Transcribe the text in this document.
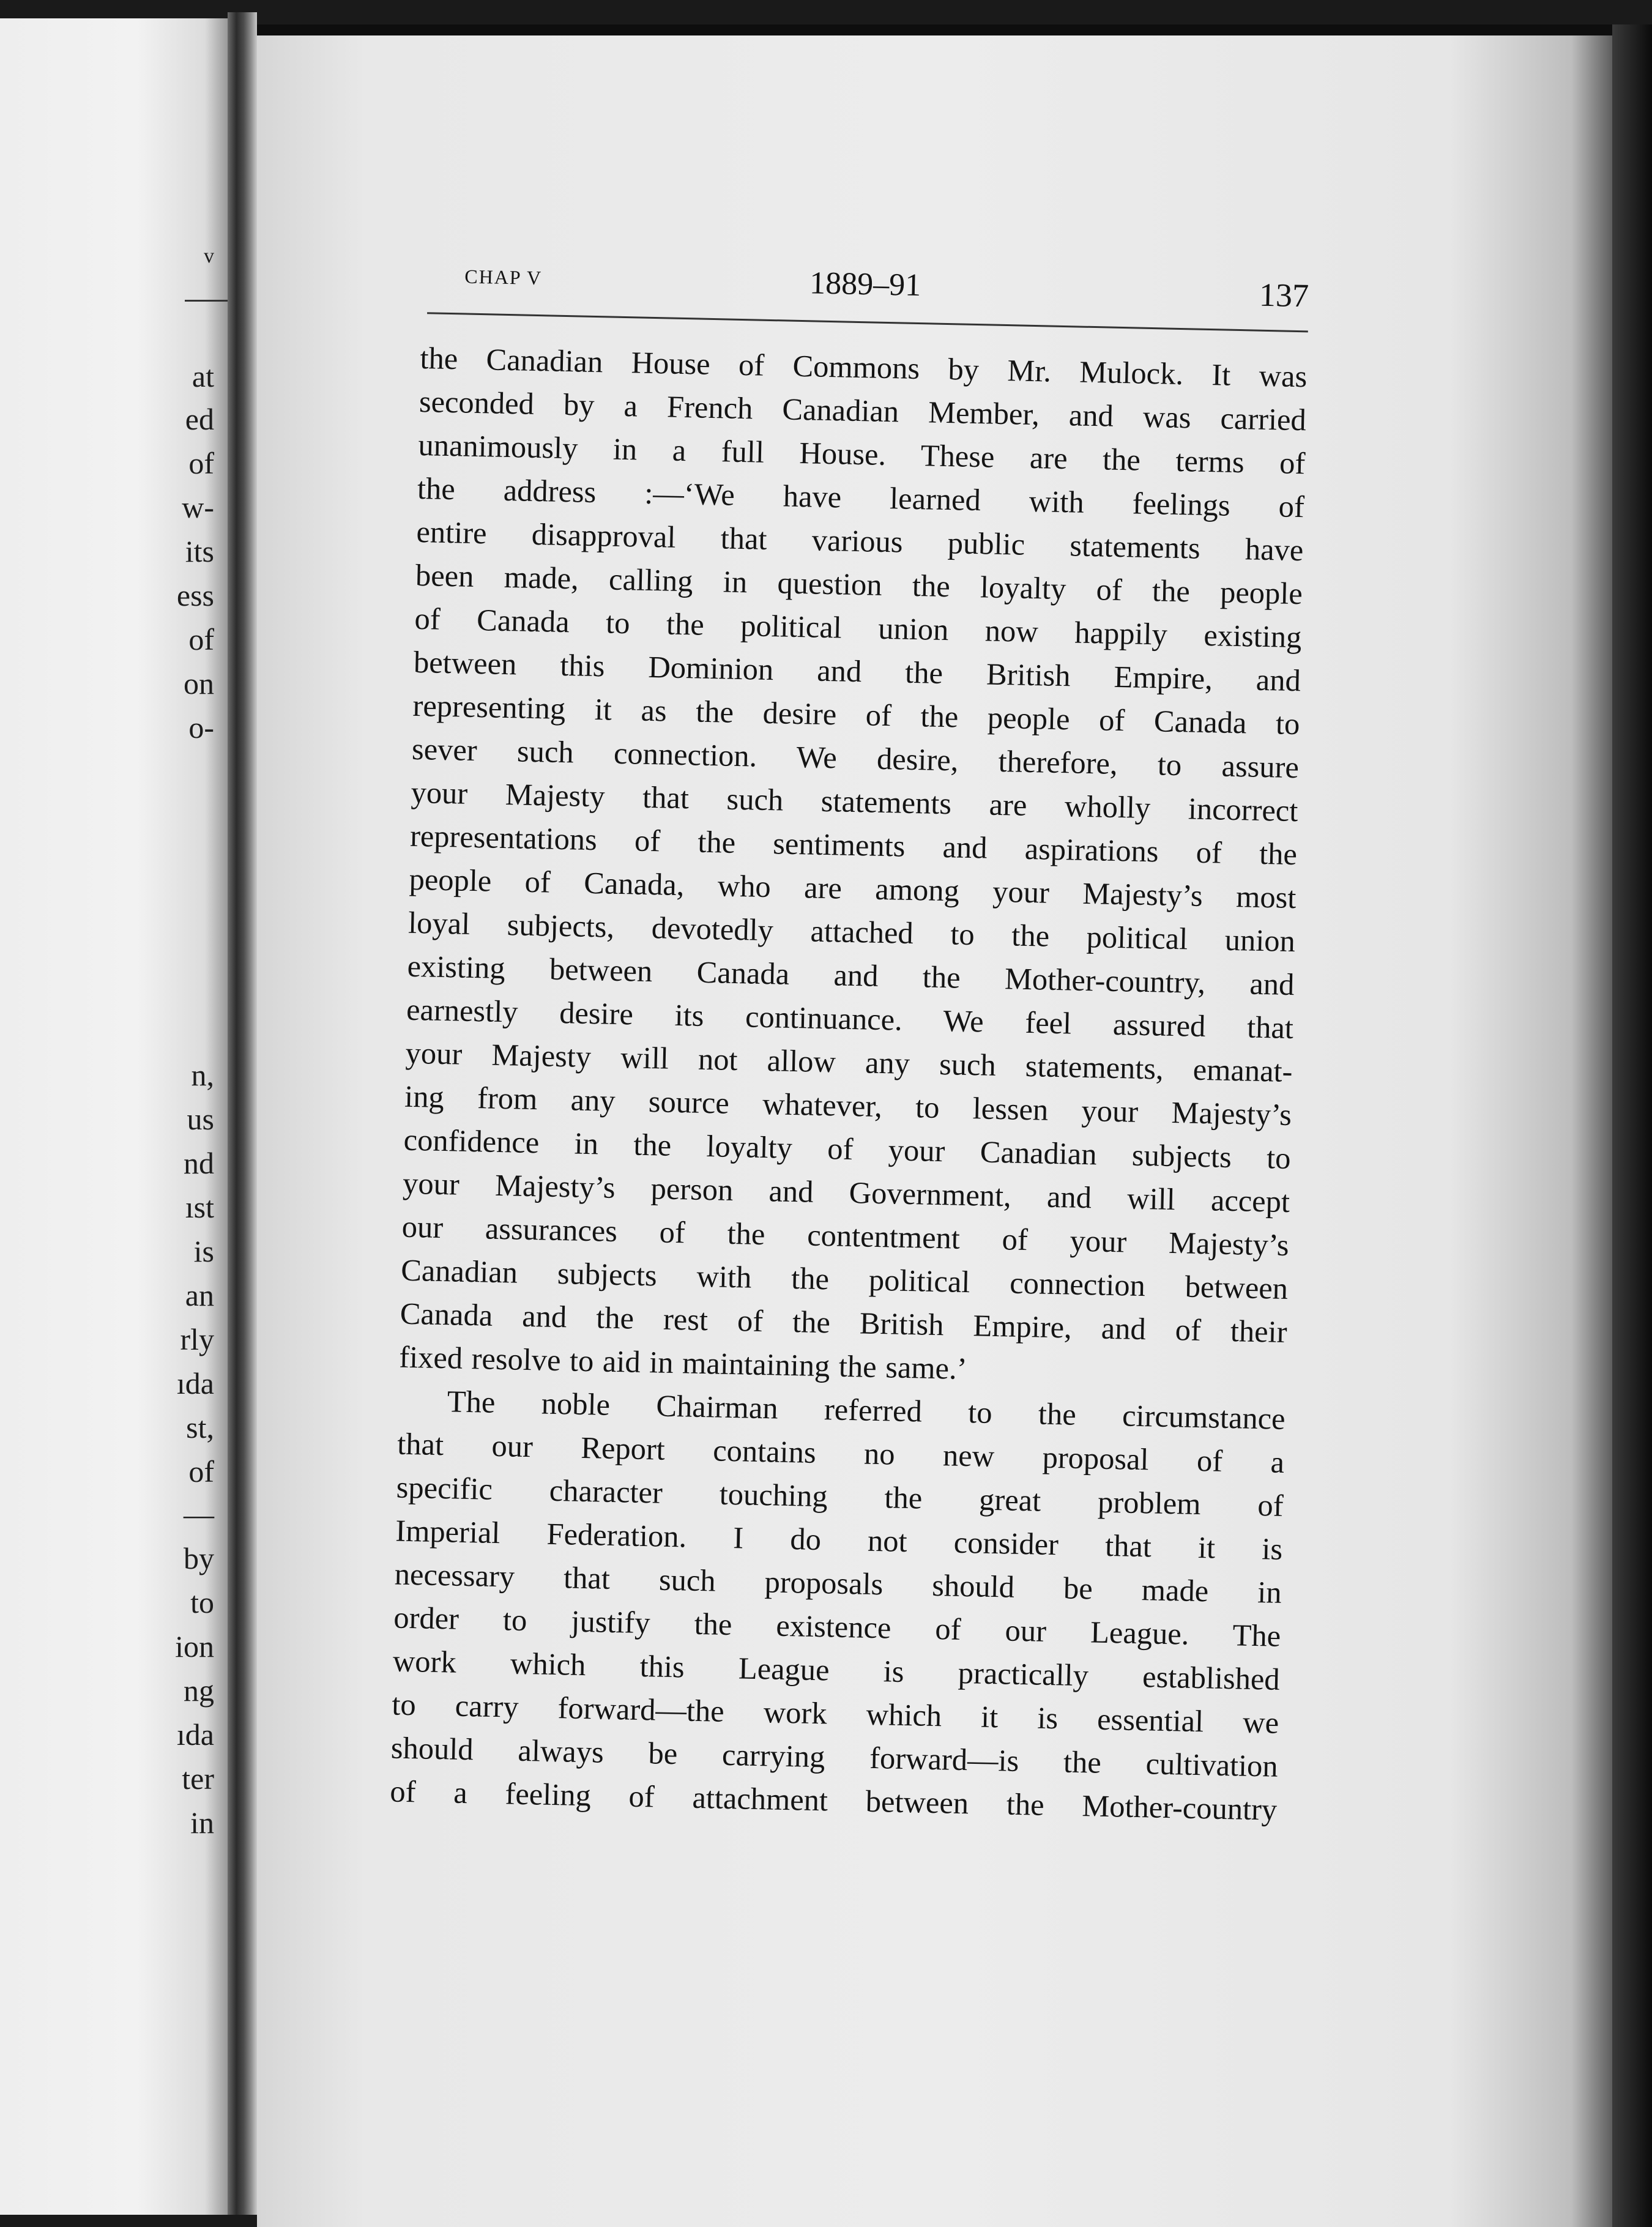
v
at
ed
of
w-
its
ess
of
on
o-
n,
us
nd
ıst
is
an
rly
ıda
st,
of
—
by
to
ion
ng
ıda
ter
in
CHAP V	1889–91	137
the Canadian House of Commons by Mr. Mulock. It was
seconded by a French Canadian Member, and was carried
unanimously in a full House. These are the terms of
the address :—‘We have learned with feelings of
entire disapproval that various public statements have
been made, calling in question the loyalty of the people
of Canada to the political union now happily existing
between this Dominion and the British Empire, and
representing it as the desire of the people of Canada to
sever such connection. We desire, therefore, to assure
your Majesty that such statements are wholly incorrect
representations of the sentiments and aspirations of the
people of Canada, who are among your Majesty’s most
loyal subjects, devotedly attached to the political union
existing between Canada and the Mother-country, and
earnestly desire its continuance. We feel assured that
your Majesty will not allow any such statements, emanat-
ing from any source whatever, to lessen your Majesty’s
confidence in the loyalty of your Canadian subjects to
your Majesty’s person and Government, and will accept
our assurances of the contentment of your Majesty’s
Canadian subjects with the political connection between
Canada and the rest of the British Empire, and of their
fixed resolve to aid in maintaining the same.’
The noble Chairman referred to the circumstance
that our Report contains no new proposal of a
specific character touching the great problem of
Imperial Federation. I do not consider that it is
necessary that such proposals should be made in
order to justify the existence of our League. The
work which this League is practically established
to carry forward—the work which it is essential we
should always be carrying forward—is the cultivation
of a feeling of attachment between the Mother-country
